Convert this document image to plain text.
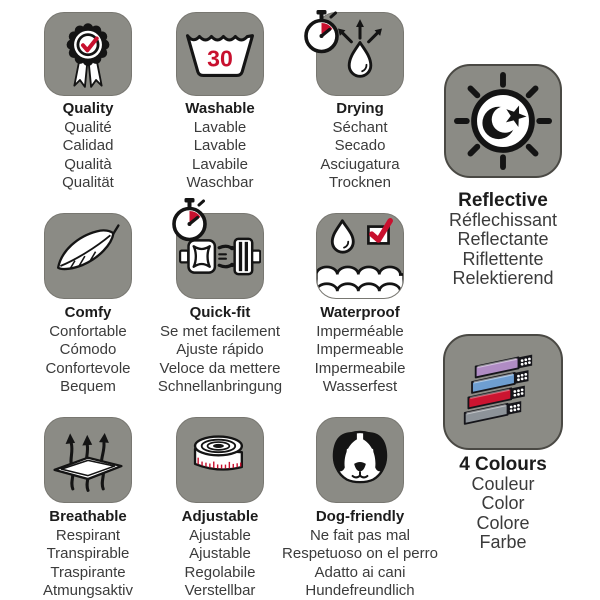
Quality
Qualité
Calidad
Qualità
Qualität
30
Washable
Lavable
Lavable
Lavabile
Waschbar
Drying
Séchant
Secado
Asciugatura
Trocknen
Reflective
Réflechissant
Reflectante
Riflettente
Relektierend
Comfy
Confortable
Cómodo
Confortevole
Bequem
Quick-fit
Se met facilement
Ajuste rápido
Veloce da mettere
Schnellanbringung
Waterproof
Imperméable
Impermeable
Impermeabile
Wasserfest
4 Colours
Couleur
Color
Colore
Farbe
Breathable
Respirant
Transpirable
Traspirante
Atmungsaktiv
Adjustable
Ajustable
Ajustable
Regolabile
Verstellbar
Dog-friendly
Ne fait pas mal
Respetuoso on el perro
Adatto ai cani
Hundefreundlich
